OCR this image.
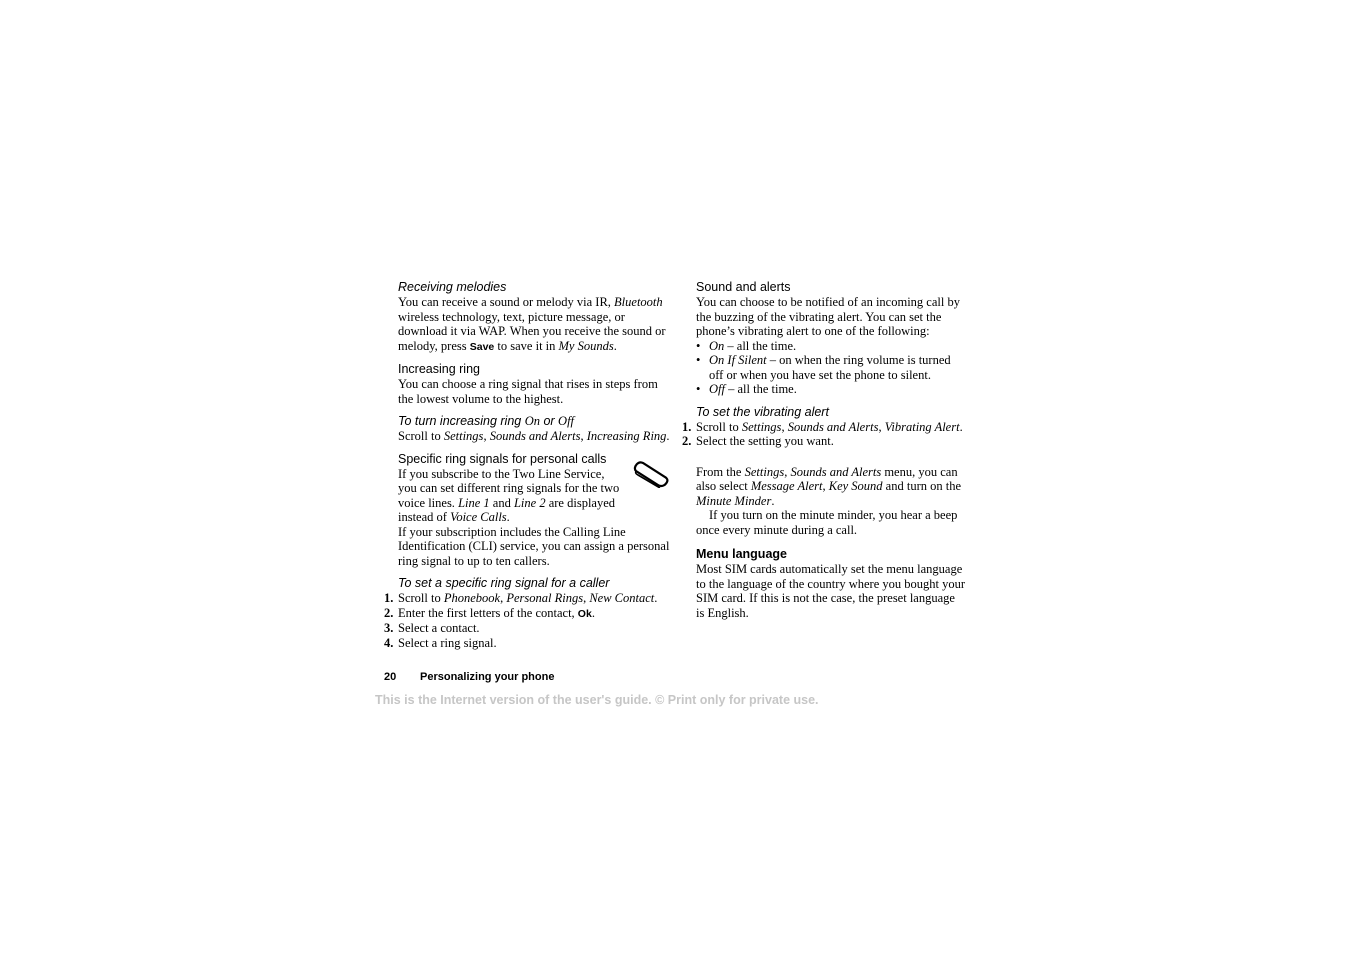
Receiving melodies

You can receive a sound or melody via IR, Bluetooth wireless technology, text, picture message, or download it via WAP. When you receive the sound or melody, press Save to save it in My Sounds.

Increasing ring

You can choose a ring signal that rises in steps from the lowest volume to the highest.

To turn increasing ring On or Off

Scroll to Settings, Sounds and Alerts, Increasing Ring.

Specific ring signals for personal calls

If you subscribe to the Two Line Service, you can set different ring signals for the two voice lines. Line 1 and Line 2 are displayed instead of Voice Calls.

If your subscription includes the Calling Line Identification (CLI) service, you can assign a personal ring signal to up to ten callers.

To set a specific ring signal for a caller

1. Scroll to Phonebook, Personal Rings, New Contact.
2. Enter the first letters of the contact, Ok.
3. Select a contact.
4. Select a ring signal.

Sound and alerts

You can choose to be notified of an incoming call by the buzzing of the vibrating alert. You can set the phone’s vibrating alert to one of the following:

• On – all the time.
• On If Silent – on when the ring volume is turned off or when you have set the phone to silent.
• Off – all the time.

To set the vibrating alert

1. Scroll to Settings, Sounds and Alerts, Vibrating Alert.
2. Select the setting you want.

From the Settings, Sounds and Alerts menu, you can also select Message Alert, Key Sound and turn on the Minute Minder.

If you turn on the minute minder, you hear a beep once every minute during a call.

Menu language

Most SIM cards automatically set the menu language to the language of the country where you bought your SIM card. If this is not the case, the preset language is English.

20 Personalizing your phone
This is the Internet version of the user's guide. © Print only for private use.
